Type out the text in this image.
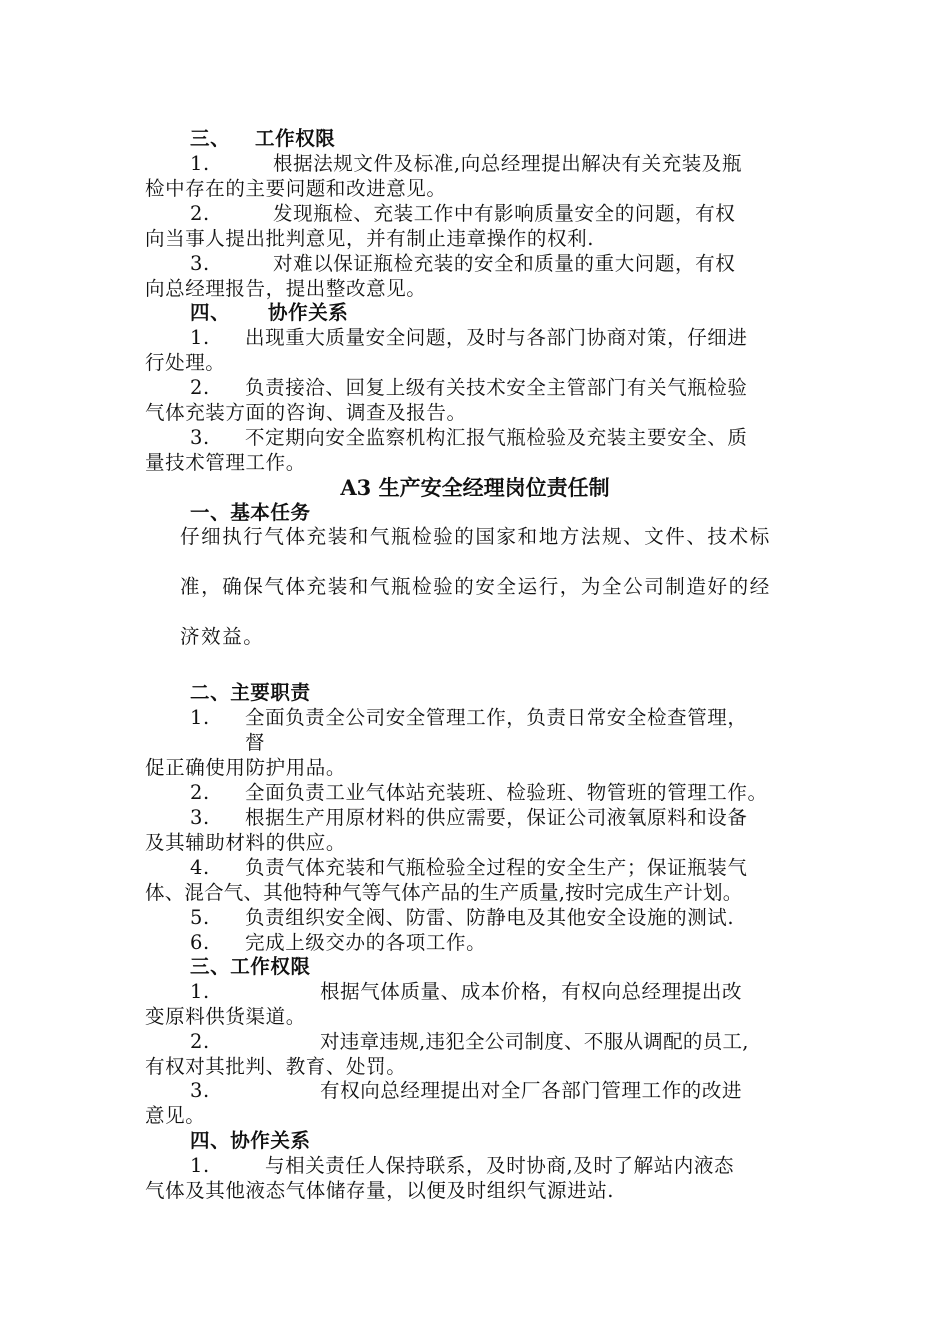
三、 工作权限
1.	根据法规文件及标准,向总经理提出解决有关充装及瓶
检中存在的主要问题和改进意见。
2.	发现瓶检、充装工作中有影响质量安全的问题，有权
向当事人提出批判意见，并有制止违章操作的权利.
3.	对难以保证瓶检充装的安全和质量的重大问题，有权
向总经理报告，提出整改意见。
四、 协作关系
1. 出现重大质量安全问题，及时与各部门协商对策，仔细进
行处理。
2. 负责接洽、回复上级有关技术安全主管部门有关气瓶检验
气体充装方面的咨询、调查及报告。
3. 不定期向安全监察机构汇报气瓶检验及充装主要安全、质
量技术管理工作。
A3 生产安全经理岗位责任制
一、基本任务
仔细执行气体充装和气瓶检验的国家和地方法规、文件、技术标
准，确保气体充装和气瓶检验的安全运行，为全公司制造好的经
济效益。
二、主要职责
1. 全面负责全公司安全管理工作，负责日常安全检查管理，
督
促正确使用防护用品。
2. 全面负责工业气体站充装班、检验班、物管班的管理工作。
3. 根据生产用原材料的供应需要，保证公司液氧原料和设备
及其辅助材料的供应。
4. 负责气体充装和气瓶检验全过程的安全生产；保证瓶装气
体、混合气、其他特种气等气体产品的生产质量,按时完成生产计划。
5. 负责组织安全阀、防雷、防静电及其他安全设施的测试.
6. 完成上级交办的各项工作。
三、工作权限
1.	根据气体质量、成本价格，有权向总经理提出改
变原料供货渠道。
2.	对违章违规,违犯全公司制度、不服从调配的员工,
有权对其批判、教育、处罚。
3.	有权向总经理提出对全厂各部门管理工作的改进
意见。
四、协作关系
1.	与相关责任人保持联系，及时协商,及时了解站内液态
气体及其他液态气体储存量，以便及时组织气源进站.
